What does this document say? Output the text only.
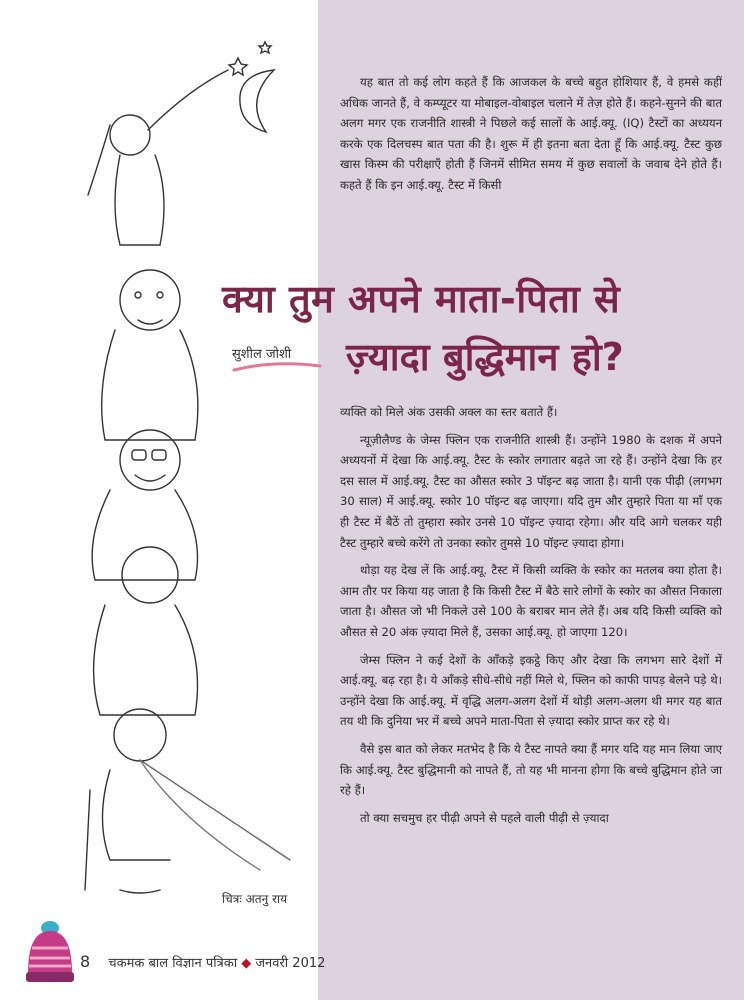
यह बात तो कई लोग कहते हैं कि आजकल के बच्चे बहुत होशियार हैं, वे हमसे कहीं अधिक जानते हैं, वे कम्प्यूटर या मोबाइल-वोबाइल चलाने में तेज़ होते हैं। कहने-सुनने की बात अलग मगर एक राजनीति शास्त्री ने पिछले कई सालों के आई.क्यू. (IQ) टैस्टों का अध्ययन करके एक दिलचस्प बात पता की है। शुरू में ही इतना बता देता हूँ कि आई.क्यू. टैस्ट कुछ खास किस्म की परीक्षाएँ होती हैं जिनमें सीमित समय में कुछ सवालों के जवाब देने होते हैं। कहते हैं कि इन आई.क्यू. टैस्ट में किसी

क्या तुम अपने माता-पिता से
ज़्यादा बुद्धिमान हो?
सुशील जोशी

व्यक्ति को मिले अंक उसकी अक्ल का स्तर बताते हैं।

न्यूज़ीलैण्ड के जेम्स फ्लिन एक राजनीति शास्त्री हैं। उन्होंने 1980 के दशक में अपने अध्ययनों में देखा कि आई.क्यू. टैस्ट के स्कोर लगातार बढ़ते जा रहे हैं। उन्होंने देखा कि हर दस साल में आई.क्यू. टैस्ट का औसत स्कोर 3 पॉइन्ट बढ़ जाता है। यानी एक पीढ़ी (लगभग 30 साल) में आई.क्यू. स्कोर 10 पॉइन्ट बढ़ जाएगा। यदि तुम और तुम्हारे पिता या माँ एक ही टैस्ट में बैठें तो तुम्हारा स्कोर उनसे 10 पॉइन्ट ज़्यादा रहेगा। और यदि आगे चलकर यही टैस्ट तुम्हारे बच्चे करेंगे तो उनका स्कोर तुमसे 10 पॉइन्ट ज़्यादा होगा।

थोड़ा यह देख लें कि आई.क्यू. टैस्ट में किसी व्यक्ति के स्कोर का मतलब क्या होता है। आम तौर पर किया यह जाता है कि किसी टैस्ट में बैठे सारे लोगों के स्कोर का औसत निकाला जाता है। औसत जो भी निकले उसे 100 के बराबर मान लेते हैं। अब यदि किसी व्यक्ति को औसत से 20 अंक ज़्यादा मिले हैं, उसका आई.क्यू. हो जाएगा 120।

जेम्स फ्लिन ने कई देशों के आँकड़े इकट्ठे किए और देखा कि लगभग सारे देशों में आई.क्यू. बढ़ रहा है। ये आँकड़े सीधे-सीधे नहीं मिले थे, फ्लिन को काफी पापड़ बेलने पड़े थे। उन्होंने देखा कि आई.क्यू. में वृद्धि अलग-अलग देशों में थोड़ी अलग-अलग थी मगर यह बात तय थी कि दुनिया भर में बच्चे अपने माता-पिता से ज़्यादा स्कोर प्राप्त कर रहे थे।

वैसे इस बात को लेकर मतभेद है कि ये टैस्ट नापते क्या हैं मगर यदि यह मान लिया जाए कि आई.क्यू. टैस्ट बुद्धिमानी को नापते हैं, तो यह भी मानना होगा कि बच्चे बुद्धिमान होते जा रहे हैं।

तो क्या सचमुच हर पीढ़ी अपने से पहले वाली पीढ़ी से ज़्यादा

चित्रः अतनु राय
8 चकमक बाल विज्ञान पत्रिका ◆ जनवरी 2012
